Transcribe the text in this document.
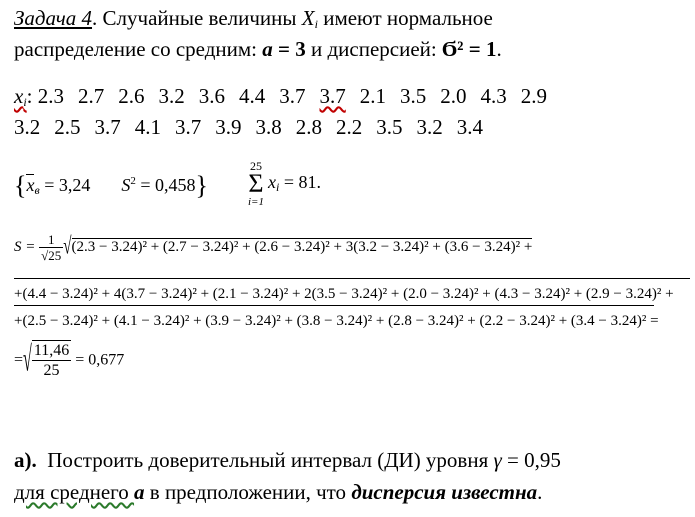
Задача 4. Случайные величины $X_i$ имеют нормальное
распределение со средним: a = 3 и дисперсией: Ϭ² = 1.
$x_i$: 2.3 2.7 2.6 3.2 3.6 4.4 3.7 3.7 2.1 3.5 2.0 4.3 2.9
3.2 2.5 3.7 4.1 3.7 3.9 3.8 2.8 2.2 3.5 3.2 3.4
{$x_в = 3,24$ $S^2 = 0,458$}
25
Σ
i=1
$x_i = 81$.
$S = \frac{1}{√25} √(2.3 - 3.24)^2 + (2.7 - 3.24)^2 + (2.6 - 3.24)^2 + 3(3.2 - 3.24)^2 + (3.6 - 3.24)^2$ +
+(4.4 − 3.24)² + 4(3.7 − 3.24)² + (2.1 − 3.24)² + 2(3.5 − 3.24)² + (2.0 − 3.24)² + (4.3 − 3.24)² + (2.9 − 3.24)² +
+(2.5 − 3.24)² + (4.1 − 3.24)² + (3.9 − 3.24)² + (3.8 − 3.24)² + (2.8 − 3.24)² + (2.2 − 3.24)² + (3.4 − 3.24)² =
=√ $\frac{11,46}{25} = 0,677$
а).  Построить доверительный интервал (ДИ) уровня γ = 0,95
для среднего a в предположении, что дисперсия известна.
